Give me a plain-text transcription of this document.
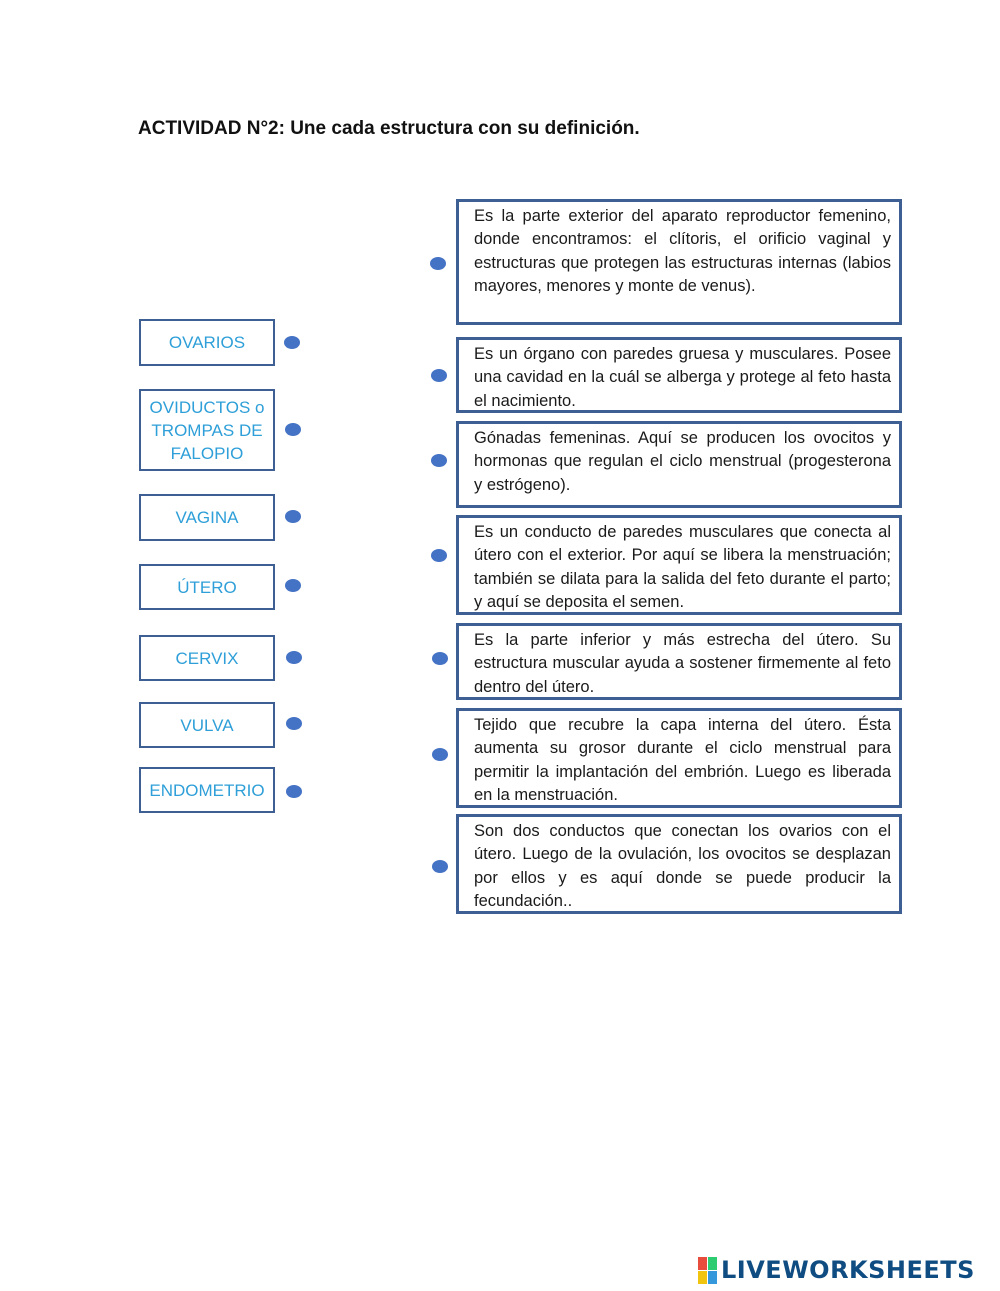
ACTIVIDAD N°2: Une cada estructura con su definición.
OVARIOS
OVIDUCTOS o TROMPAS DE FALOPIO
VAGINA
ÚTERO
CERVIX
VULVA
ENDOMETRIO
Es la parte exterior del aparato reproductor femenino, donde encontramos: el clítoris, el orificio vaginal y estructuras que protegen las estructuras internas (labios mayores, menores y monte de venus).
Es un órgano con paredes gruesa y musculares. Posee una cavidad en la cuál se alberga y protege al feto hasta el nacimiento.
Gónadas femeninas. Aquí se producen los ovocitos y hormonas que regulan el ciclo menstrual (progesterona y estrógeno).
Es un conducto de paredes musculares que conecta al útero con el exterior. Por aquí se libera la menstruación; también se dilata para la salida del feto durante el parto; y aquí se deposita el semen.
Es la parte inferior y más estrecha del útero. Su estructura muscular ayuda a sostener firmemente al feto dentro del útero.
Tejido que recubre la capa interna del útero. Ésta aumenta su grosor durante el ciclo menstrual para permitir la implantación del embrión. Luego es liberada en la menstruación.
Son dos conductos que conectan los ovarios con el útero. Luego de la ovulación, los ovocitos se desplazan por ellos y es aquí donde se puede producir la fecundación..
LIVEWORKSHEETS
